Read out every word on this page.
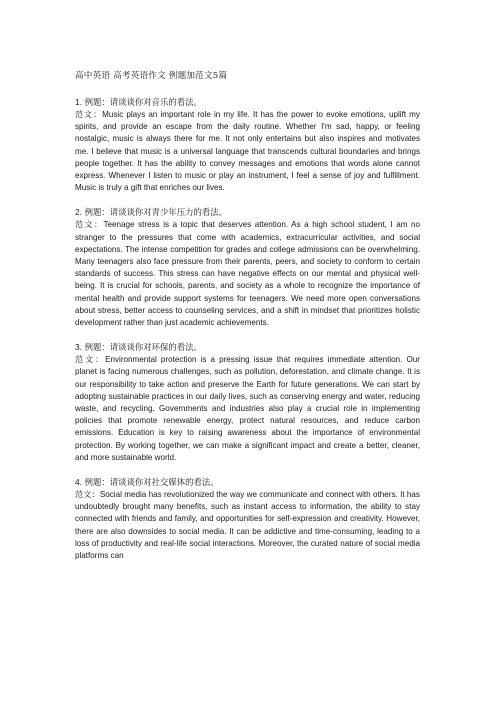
高中英语 高考英语作文 例题加范文5篇

1. 例题：请谈谈你对音乐的看法。

范文：Music plays an important role in my life. It has the power to evoke emotions, uplift my spirits, and provide an escape from the daily routine. Whether I'm sad, happy, or feeling nostalgic, music is always there for me. It not only entertains but also inspires and motivates me. I believe that music is a universal language that transcends cultural boundaries and brings people together. It has the ability to convey messages and emotions that words alone cannot express. Whenever I listen to music or play an instrument, I feel a sense of joy and fulfillment. Music is truly a gift that enriches our lives.

2. 例题：请谈谈你对青少年压力的看法。

范文：Teenage stress is a topic that deserves attention. As a high school student, I am no stranger to the pressures that come with academics, extracurricular activities, and social expectations. The intense competition for grades and college admissions can be overwhelming. Many teenagers also face pressure from their parents, peers, and society to conform to certain standards of success. This stress can have negative effects on our mental and physical well-being. It is crucial for schools, parents, and society as a whole to recognize the importance of mental health and provide support systems for teenagers. We need more open conversations about stress, better access to counseling services, and a shift in mindset that prioritizes holistic development rather than just academic achievements.

3. 例题：请谈谈你对环保的看法。

范文：Environmental protection is a pressing issue that requires immediate attention. Our planet is facing numerous challenges, such as pollution, deforestation, and climate change. It is our responsibility to take action and preserve the Earth for future generations. We can start by adopting sustainable practices in our daily lives, such as conserving energy and water, reducing waste, and recycling. Governments and industries also play a crucial role in implementing policies that promote renewable energy, protect natural resources, and reduce carbon emissions. Education is key to raising awareness about the importance of environmental protection. By working together, we can make a significant impact and create a better, cleaner, and more sustainable world.

4. 例题：请谈谈你对社交媒体的看法。

范文：Social media has revolutionized the way we communicate and connect with others. It has undoubtedly brought many benefits, such as instant access to information, the ability to stay connected with friends and family, and opportunities for self-expression and creativity. However, there are also downsides to social media. It can be addictive and time-consuming, leading to a loss of productivity and real-life social interactions. Moreover, the curated nature of social media platforms can
